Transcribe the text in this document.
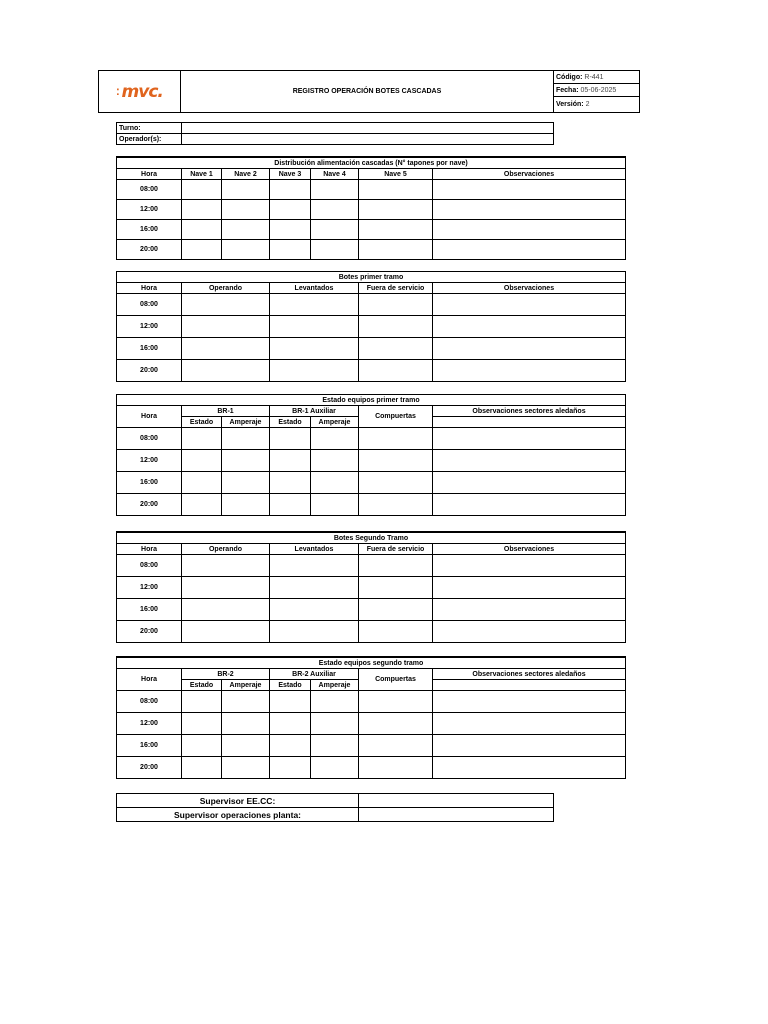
⁚ mvc.	REGISTRO OPERACIÓN BOTES CASCADAS	Código: R-441
Fecha: 05-06-2025
Versión: 2
Turno:	
Operador(s):	
Distribución alimentación cascadas (N° tapones por nave)						
Hora	Nave 1	Nave 2	Nave 3	Nave 4	Nave 5	Observaciones
08:00						
12:00						
16:00						
20:00						
Botes primer tramo				
Hora	Operando	Levantados	Fuera de servicio	Observaciones
08:00				
12:00				
16:00				
20:00				
Estado equipos primer tramo						
Hora	BR-1		BR-1 Auxiliar		Compuertas	Observaciones sectores aledaños
	Estado	Amperaje	Estado	Amperaje		
08:00						
12:00						
16:00						
20:00						
Botes Segundo Tramo				
Hora	Operando	Levantados	Fuera de servicio	Observaciones
08:00				
12:00				
16:00				
20:00				
Estado equipos segundo tramo						
Hora	BR-2		BR-2 Auxiliar		Compuertas	Observaciones sectores aledaños
	Estado	Amperaje	Estado	Amperaje		
08:00						
12:00						
16:00						
20:00						
Supervisor EE.CC:	
Supervisor operaciones planta:	
